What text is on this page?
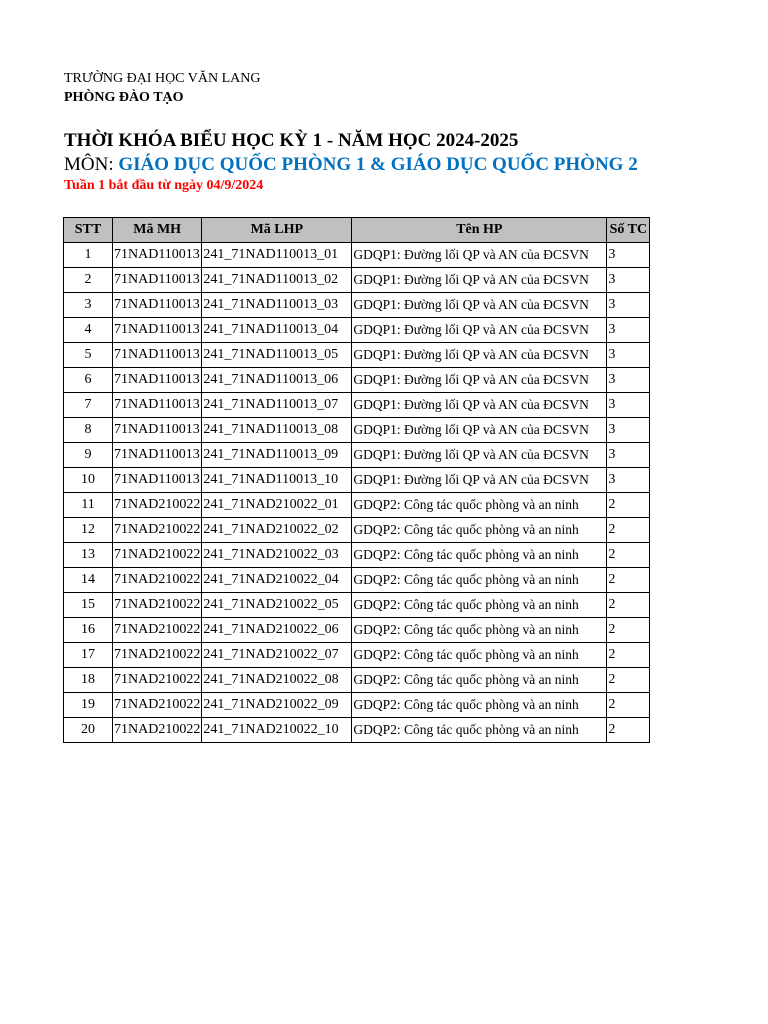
TRƯỜNG ĐẠI HỌC VĂN LANG
PHÒNG ĐÀO TẠO
THỜI KHÓA BIỂU HỌC KỲ 1 - NĂM HỌC 2024-2025
MÔN: GIÁO DỤC QUỐC PHÒNG 1 & GIÁO DỤC QUỐC PHÒNG 2
Tuần 1 bắt đầu từ ngày 04/9/2024
STT	Mã MH	Mã LHP	Tên HP	Số TC
1	71NAD110013	241_71NAD110013_01	GDQP1: Đường lối QP và AN của ĐCSVN	3
2	71NAD110013	241_71NAD110013_02	GDQP1: Đường lối QP và AN của ĐCSVN	3
3	71NAD110013	241_71NAD110013_03	GDQP1: Đường lối QP và AN của ĐCSVN	3
4	71NAD110013	241_71NAD110013_04	GDQP1: Đường lối QP và AN của ĐCSVN	3
5	71NAD110013	241_71NAD110013_05	GDQP1: Đường lối QP và AN của ĐCSVN	3
6	71NAD110013	241_71NAD110013_06	GDQP1: Đường lối QP và AN của ĐCSVN	3
7	71NAD110013	241_71NAD110013_07	GDQP1: Đường lối QP và AN của ĐCSVN	3
8	71NAD110013	241_71NAD110013_08	GDQP1: Đường lối QP và AN của ĐCSVN	3
9	71NAD110013	241_71NAD110013_09	GDQP1: Đường lối QP và AN của ĐCSVN	3
10	71NAD110013	241_71NAD110013_10	GDQP1: Đường lối QP và AN của ĐCSVN	3
11	71NAD210022	241_71NAD210022_01	GDQP2: Công tác quốc phòng và an ninh	2
12	71NAD210022	241_71NAD210022_02	GDQP2: Công tác quốc phòng và an ninh	2
13	71NAD210022	241_71NAD210022_03	GDQP2: Công tác quốc phòng và an ninh	2
14	71NAD210022	241_71NAD210022_04	GDQP2: Công tác quốc phòng và an ninh	2
15	71NAD210022	241_71NAD210022_05	GDQP2: Công tác quốc phòng và an ninh	2
16	71NAD210022	241_71NAD210022_06	GDQP2: Công tác quốc phòng và an ninh	2
17	71NAD210022	241_71NAD210022_07	GDQP2: Công tác quốc phòng và an ninh	2
18	71NAD210022	241_71NAD210022_08	GDQP2: Công tác quốc phòng và an ninh	2
19	71NAD210022	241_71NAD210022_09	GDQP2: Công tác quốc phòng và an ninh	2
20	71NAD210022	241_71NAD210022_10	GDQP2: Công tác quốc phòng và an ninh	2
